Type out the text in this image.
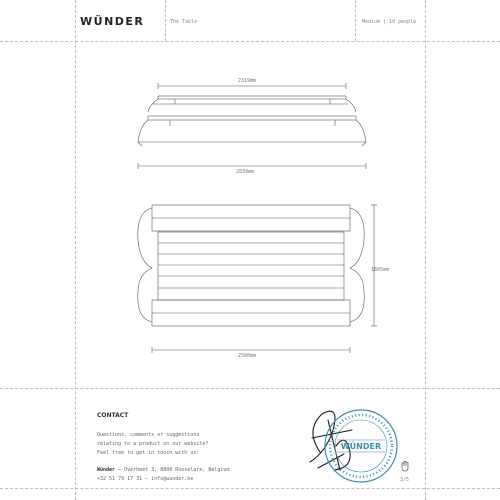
WÜNDER	The Table	Medium | 10 people
2319mm
2839mm
1665mm
2500mm
CONTACT
Questions, comments or suggestions
relating to a product on our website?
Feel free to get in touch with us!
Wünder – Overheet 3, 8800 Roeselare, Belgium
+32 51 79 17 31 – info@wunder.be
WÜNDER
3/5
